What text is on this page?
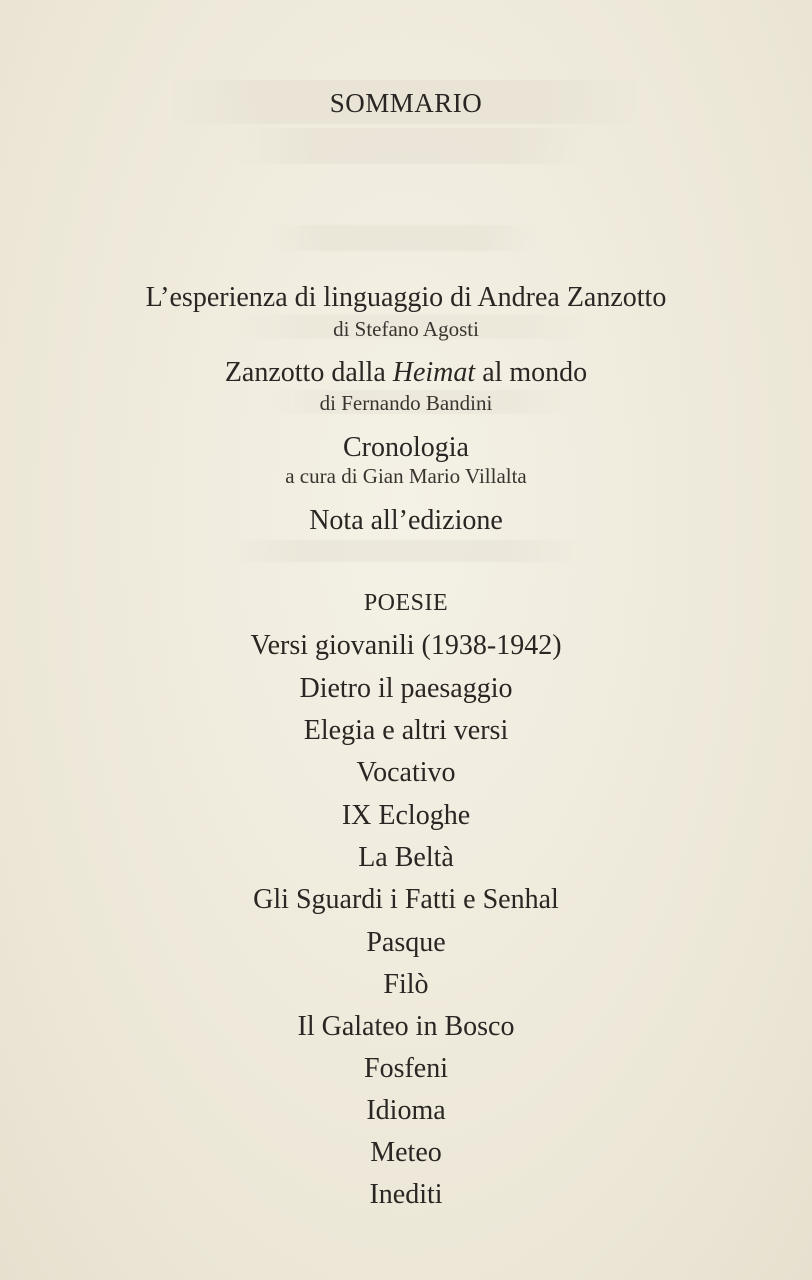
SOMMARIO
L’esperienza di linguaggio di Andrea Zanzotto
di Stefano Agosti
Zanzotto dalla Heimat al mondo
di Fernando Bandini
Cronologia
a cura di Gian Mario Villalta
Nota all’edizione
POESIE
Versi giovanili (1938-1942)
Dietro il paesaggio
Elegia e altri versi
Vocativo
IX Ecloghe
La Beltà
Gli Sguardi i Fatti e Senhal
Pasque
Filò
Il Galateo in Bosco
Fosfeni
Idioma
Meteo
Inediti
